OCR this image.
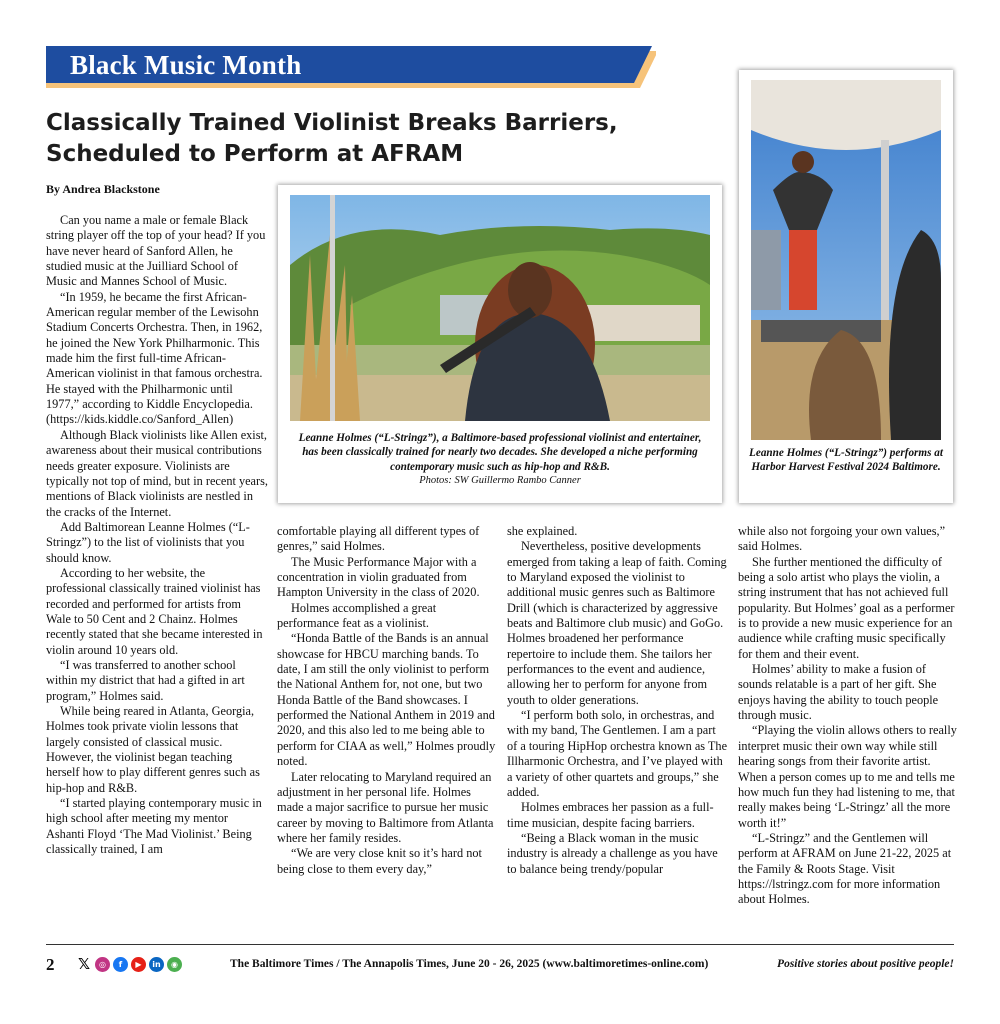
Black Music Month
Classically Trained Violinist Breaks Barriers, Scheduled to Perform at AFRAM
By Andrea Blackstone

Can you name a male or female Black string player off the top of your head? If you have never heard of Sanford Allen, he studied music at the Juilliard School of Music and Mannes School of Music.

“In 1959, he became the first African-American regular member of the Lewisohn Stadium Concerts Orchestra. Then, in 1962, he joined the New York Philharmonic. This made him the first full-time African-American violinist in that famous orchestra. He stayed with the Philharmonic until 1977,” according to Kiddle Encyclopedia. (https://kids.kiddle.co/Sanford_Allen)

Although Black violinists like Allen exist, awareness about their musical contributions needs greater exposure. Violinists are typically not top of mind, but in recent years, mentions of Black violinists are nestled in the cracks of the Internet.

Add Baltimorean Leanne Holmes (“L-Stringz”) to the list of violinists that you should know.

According to her website, the professional classically trained violinist has recorded and performed for artists from Wale to 50 Cent and 2 Chainz. Holmes recently stated that she became interested in violin around 10 years old.

“I was transferred to another school within my district that had a gifted in art program,” Holmes said.

While being reared in Atlanta, Georgia, Holmes took private violin lessons that largely consisted of classical music. However, the violinist began teaching herself how to play different genres such as hip-hop and R&B.

“I started playing contemporary music in high school after meeting my mentor Ashanti Floyd ‘The Mad Violinist.’ Being classically trained, I am

Leanne Holmes (“L-Stringz”), a Baltimore-based professional violinist and entertainer, has been classically trained for nearly two decades. She developed a niche performing contemporary music such as hip-hop and R&B.
Photos: SW Guillermo Rambo Canner
Leanne Holmes (“L-Stringz”) performs at Harbor Harvest Festival 2024 Baltimore.

comfortable playing all different types of genres,” said Holmes.

The Music Performance Major with a concentration in violin graduated from Hampton University in the class of 2020.

Holmes accomplished a great performance feat as a violinist.

“Honda Battle of the Bands is an annual showcase for HBCU marching bands. To date, I am still the only violinist to perform the National Anthem for, not one, but two Honda Battle of the Band showcases. I performed the National Anthem in 2019 and 2020, and this also led to me being able to perform for CIAA as well,” Holmes proudly noted.

Later relocating to Maryland required an adjustment in her personal life. Holmes made a major sacrifice to pursue her music career by moving to Baltimore from Atlanta where her family resides.

“We are very close knit so it’s hard not being close to them every day,”

she explained.

Nevertheless, positive developments emerged from taking a leap of faith. Coming to Maryland exposed the violinist to additional music genres such as Baltimore Drill (which is characterized by aggressive beats and Baltimore club music) and GoGo. Holmes broadened her performance repertoire to include them. She tailors her performances to the event and audience, allowing her to perform for anyone from youth to older generations.

“I perform both solo, in orchestras, and with my band, The Gentlemen. I am a part of a touring HipHop orchestra known as The Illharmonic Orchestra, and I’ve played with a variety of other quartets and groups,” she added.

Holmes embraces her passion as a full-time musician, despite facing barriers.

“Being a Black woman in the music industry is already a challenge as you have to balance being trendy/popular

while also not forgoing your own values,” said Holmes.

She further mentioned the difficulty of being a solo artist who plays the violin, a string instrument that has not achieved full popularity. But Holmes’ goal as a performer is to provide a new music experience for an audience while crafting music specifically for them and their event.

Holmes’ ability to make a fusion of sounds relatable is a part of her gift. She enjoys having the ability to touch people through music.

“Playing the violin allows others to really interpret music their own way while still hearing songs from their favorite artist. When a person comes up to me and tells me how much fun they had listening to me, that really makes being ‘L-Stringz’ all the more worth it!”

“L-Stringz” and the Gentlemen will perform at AFRAM on June 21-22, 2025 at the Family & Roots Stage. Visit https://lstringz.com for more information about Holmes.

2 𝕏	◎	f	▶	in	◉	The Baltimore Times / The Annapolis Times, June 20 - 26, 2025 (www.baltimoretimes-online.com)	Positive stories about positive people!
